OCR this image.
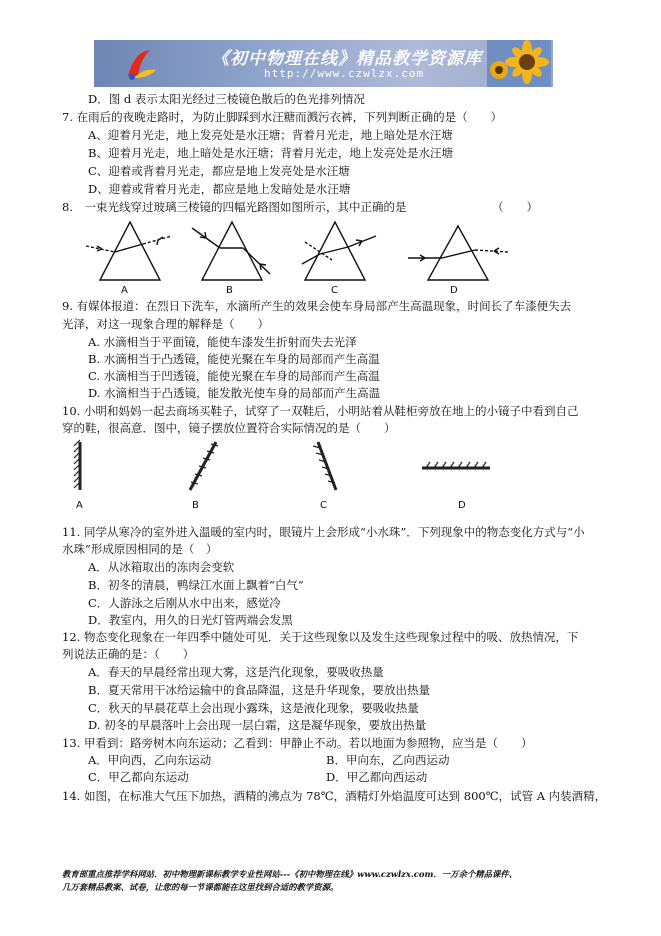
《初中物理在线》精品教学资源库
http://www.czwlzx.com
D．图 d 表示太阳光经过三棱镜色散后的色光排列情况
7. 在雨后的夜晚走路时，为防止脚踩到水汪糖而溅污衣裤，下列判断正确的是（　　）
A、迎着月光走，地上发亮处是水汪塘；背着月光走，地上暗处是水汪塘
B、迎着月光走，地上暗处是水汪塘；背着月光走，地上发亮处是水汪塘
C、迎着或背着月光走，都应是地上发亮处是水汪塘
D、迎着或背着月光走，都应是地上发暗处是水汪塘
8.　一束光线穿过玻璃三棱镜的四幅光路图如图所示，其中正确的是	（　　）
A	B	C	D
9. 有媒体报道：在烈日下洗车，水滴所产生的效果会使车身局部产生高温现象，时间长了车漆便失去
光泽，对这一现象合理的解释是（　　）
A. 水滴相当于平面镜，能使车漆发生折射而失去光泽
B. 水滴相当于凸透镜，能使光聚在车身的局部而产生高温
C. 水滴相当于凹透镜，能使光聚在车身的局部而产生高温
D. 水滴相当于凸透镜，能发散光使车身的局部而产生高温
10. 小明和妈妈一起去商场买鞋子，试穿了一双鞋后，小明站着从鞋柜旁放在地上的小镜子中看到自己
穿的鞋，很高意．图中，镜子摆放位置符合实际情况的是（　　）
A	B	C	D
11. 同学从寒冷的室外进入温暖的室内时，眼镜片上会形成“小水珠”．下列现象中的物态变化方式与“小
水珠”形成原因相同的是（　）
A．从冰箱取出的冻肉会变软
B．初冬的清晨，鸭绿江水面上飘着“白气”
C．人游泳之后刚从水中出来，感觉冷
D．教室内，用久的日光灯管两端会发黑
12. 物态变化现象在一年四季中随处可见．关于这些现象以及发生这些现象过程中的吸、放热情况，下
列说法正确的是：（　　）
A．春天的早晨经常出现大雾，这是汽化现象，要吸收热量
B．夏天常用干冰给运输中的食品降温，这是升华现象，要放出热量
C．秋天的早晨花草上会出现小露珠，这是液化现象，要吸收热量
D. 初冬的早晨落叶上会出现一层白霜，这是凝华现象，要放出热量
13. 甲看到：路旁树木向东运动；乙看到：甲静止不动。若以地面为参照物，应当是（　　）
A．甲向西，乙向东运动	B．甲向东，乙向西运动
C．甲乙都向东运动	D．甲乙都向西运动
14. 如图，在标准大气压下加热，酒精的沸点为 78℃，酒精灯外焰温度可达到 800℃，试管 A 内装酒精，
教育部重点推荐学科网站．初中物理新课标教学专业性网站---《初中物理在线》www.czwlzx.com．一万余个精品课件、
几万套精品教案、试卷，让您的每一节课都能在这里找到合适的教学资源。
